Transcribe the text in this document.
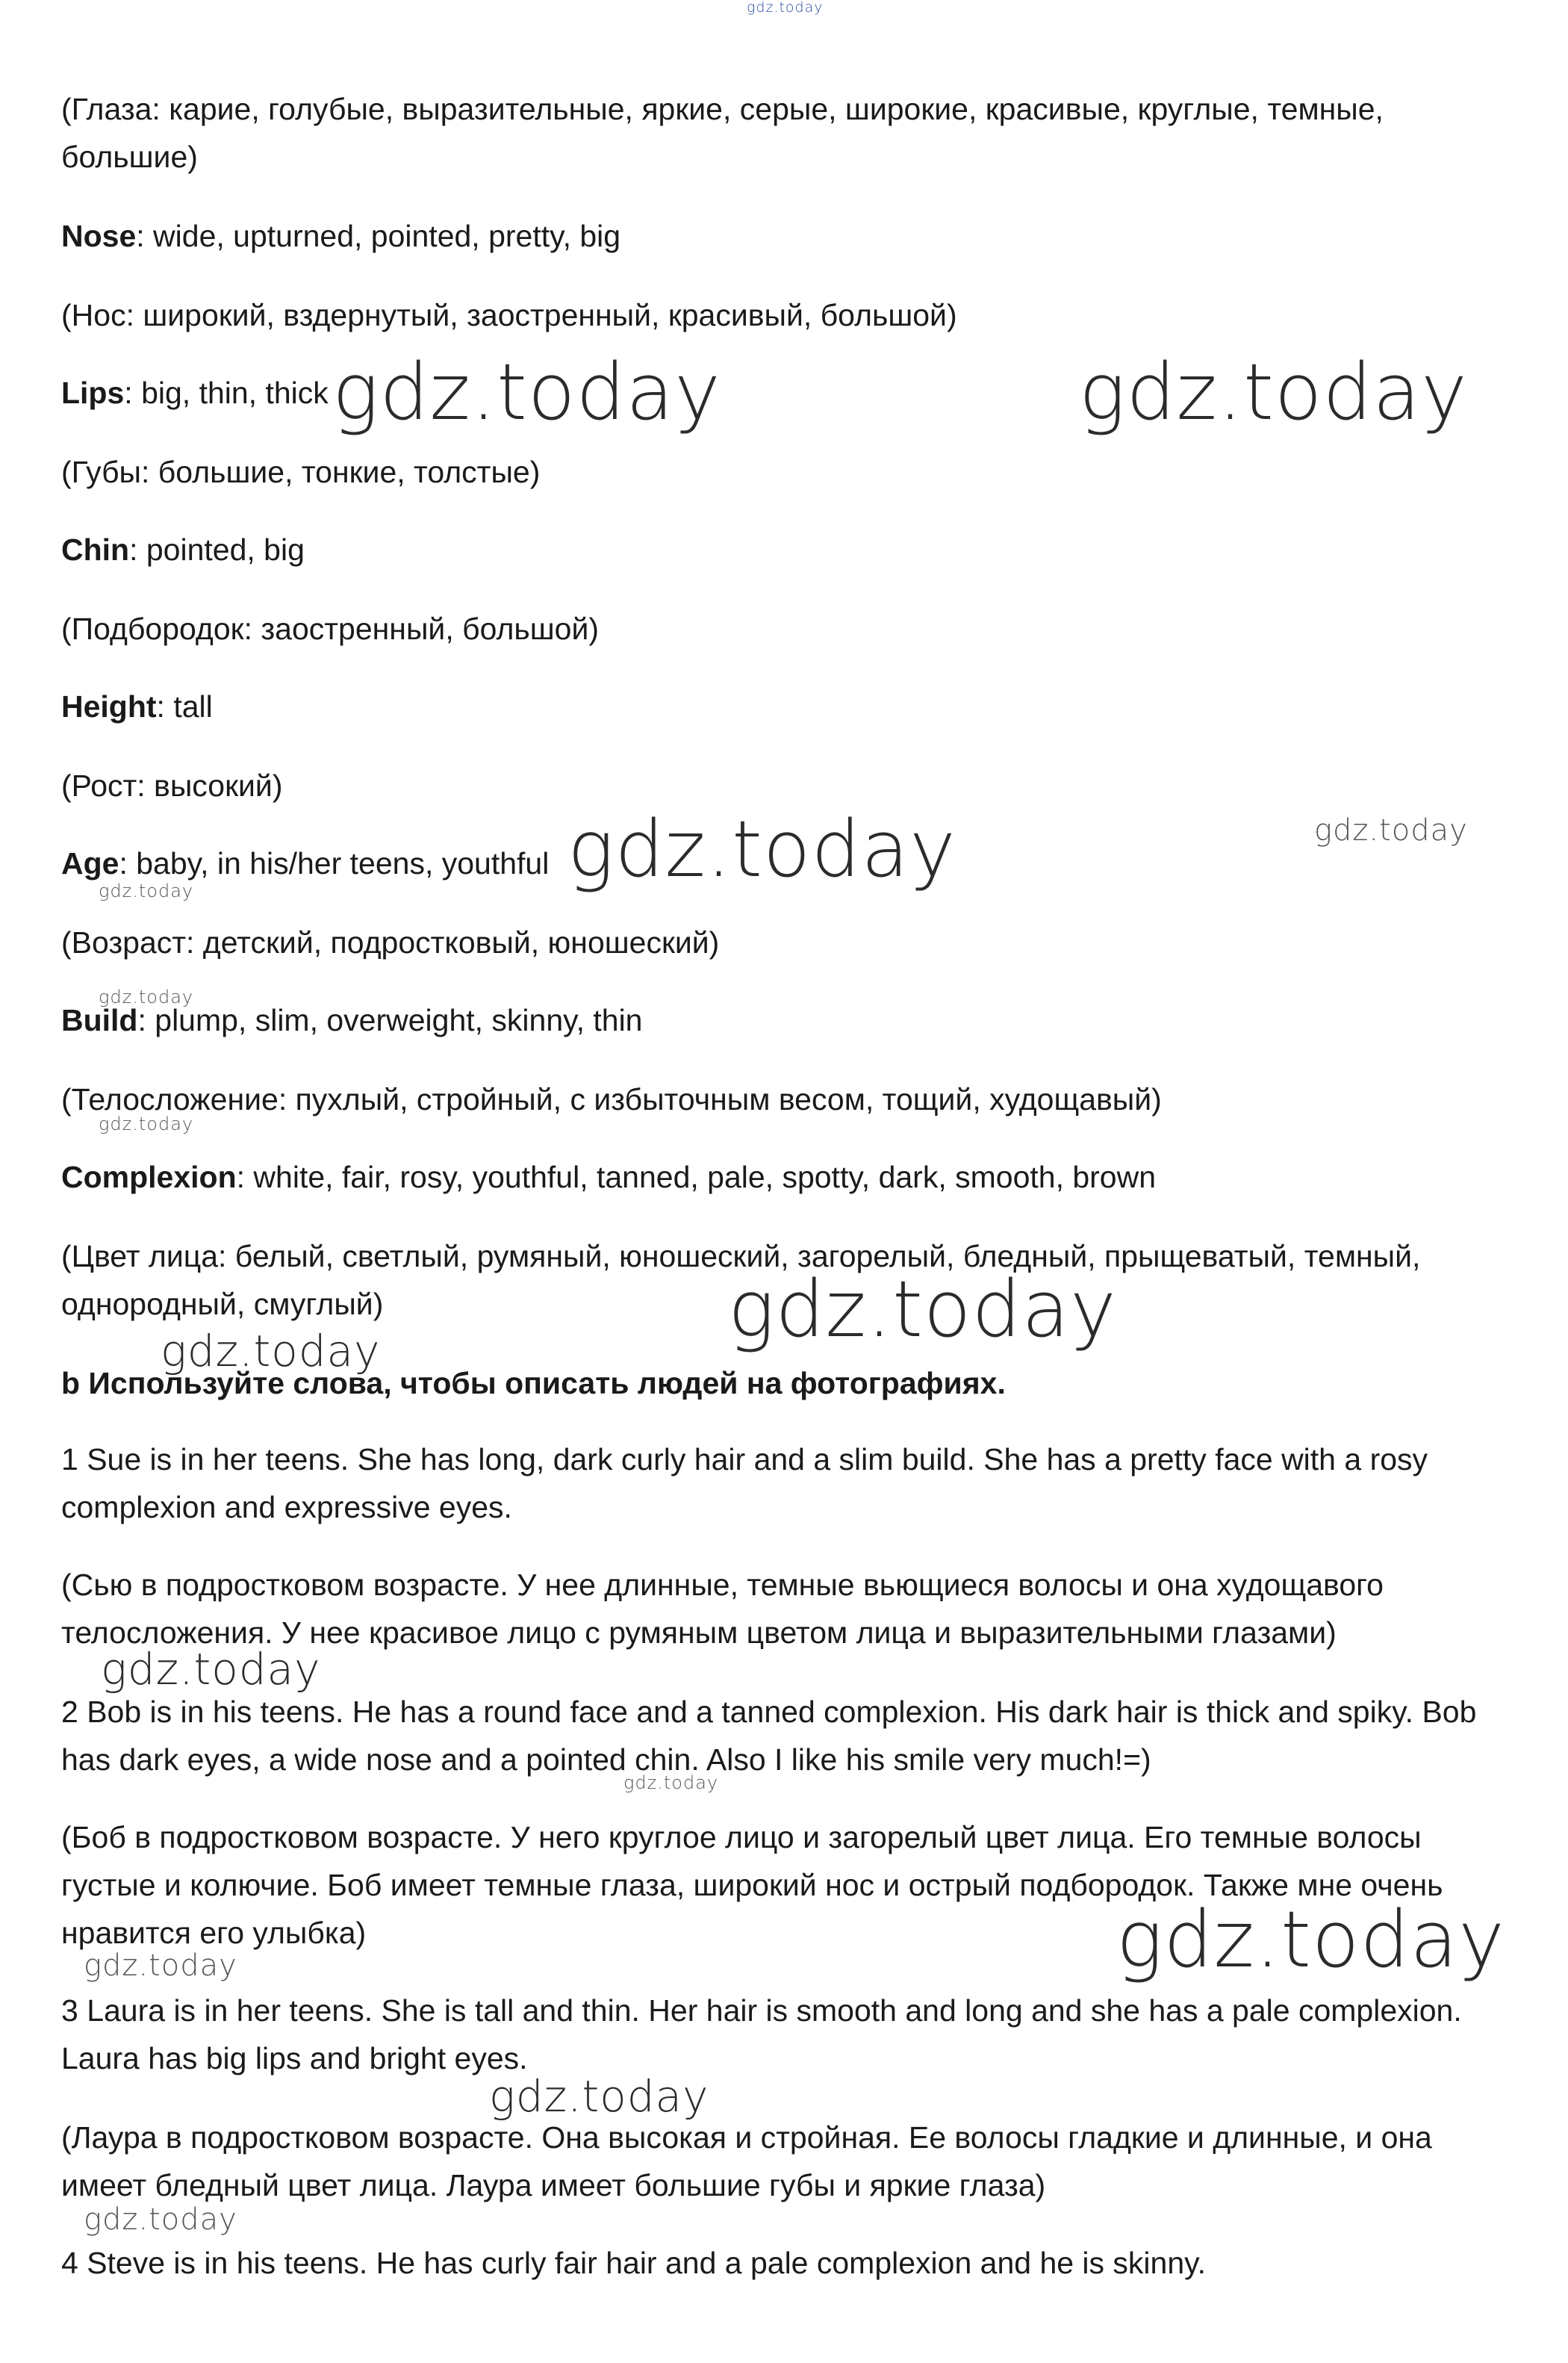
(Глаза: карие, голубые, выразительные, яркие, серые, широкие, красивые, круглые, темные, большие)
Nose: wide, upturned, pointed, pretty, big
(Нос: широкий, вздернутый, заостренный, красивый, большой)
Lips: big, thin, thick
(Губы: большие, тонкие, толстые)
Chin: pointed, big
(Подбородок: заостренный, большой)
Height: tall
(Рост: высокий)
Age: baby, in his/her teens, youthful
(Возраст: детский, подростковый, юношеский)
Build: plump, slim, overweight, skinny, thin
(Телосложение: пухлый, стройный, с избыточным весом, тощий, худощавый)
Complexion: white, fair, rosy, youthful, tanned, pale, spotty, dark, smooth, brown
(Цвет лица: белый, светлый, румяный, юношеский, загорелый, бледный, прыщеватый, темный, однородный, смуглый)
b Используйте слова, чтобы описать людей на фотографиях.
1 Sue is in her teens. She has long, dark curly hair and a slim build. She has a pretty face with a rosy complexion and expressive eyes.
(Сью в подростковом возрасте. У нее длинные, темные вьющиеся волосы и она худощавого телосложения. У нее красивое лицо с румяным цветом лица и выразительными глазами)
2 Bob is in his teens. He has a round face and a tanned complexion. His dark hair is thick and spiky. Bob has dark eyes, a wide nose and a pointed chin. Also I like his smile very much!=)
(Боб в подростковом возрасте. У него круглое лицо и загорелый цвет лица. Его темные волосы густые и колючие. Боб имеет темные глаза, широкий нос и острый подбородок. Также мне очень нравится его улыбка)
3 Laura is in her teens. She is tall and thin. Her hair is smooth and long and she has a pale complexion. Laura has big lips and bright eyes.
(Лаура в подростковом возрасте. Она высокая и стройная. Ее волосы гладкие и длинные, и она имеет бледный цвет лица. Лаура имеет большие губы и яркие глаза)
4 Steve is in his teens. He has curly fair hair and a pale complexion and he is skinny.
gdz.today
gdz.today	gdz.today
gdz.today	gdz.today
gdz.today
gdz.today
gdz.today
gdz.today
gdz.today
gdz.today
gdz.today
gdz.today
gdz.today
gdz.today
gdz.today
